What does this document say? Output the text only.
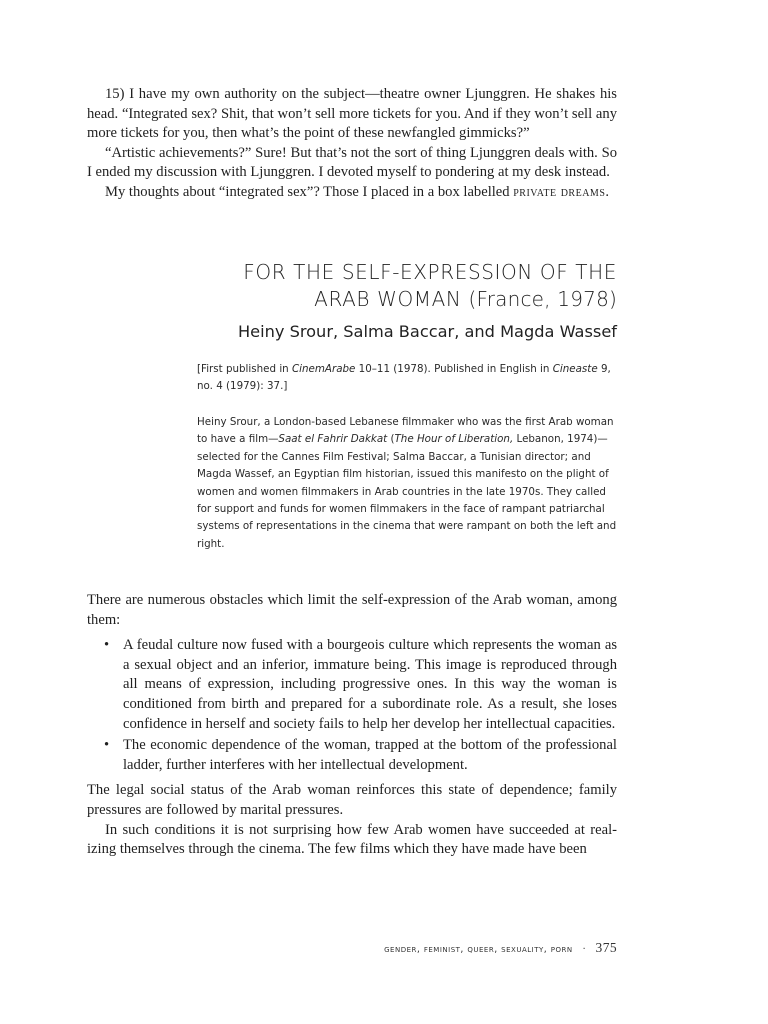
15) I have my own authority on the subject—theatre owner Ljunggren. He shakes his head. “Integrated sex? Shit, that won’t sell more tickets for you. And if they won’t sell any more tickets for you, then what’s the point of these newfangled gimmicks?”

“Artistic achievements?” Sure! But that’s not the sort of thing Ljunggren deals with. So I ended my discussion with Ljunggren. I devoted myself to pondering at my desk instead.

My thoughts about “integrated sex”? Those I placed in a box labelled private dreams.

FOR THE SELF-EXPRESSION OF THE
ARAB WOMAN (France, 1978)

Heiny Srour, Salma Baccar, and Magda Wassef

[First published in CinemArabe 10–11 (1978). Published in English in Cineaste 9, no. 4 (1979): 37.]

Heiny Srour, a London-based Lebanese filmmaker who was the first Arab woman to have a film—Saat el Fahrir Dakkat (The Hour of Liberation, Lebanon, 1974)—selected for the Cannes Film Festival; Salma Baccar, a Tunisian director; and Magda Wassef, an Egyptian film historian, issued this manifesto on the plight of women and women filmmakers in Arab countries in the late 1970s. They called for support and funds for women filmmakers in the face of rampant patriarchal systems of representations in the cinema that were rampant on both the left and right.

There are numerous obstacles which limit the self-expression of the Arab woman, among them:

• A feudal culture now fused with a bourgeois culture which represents the woman as a sexual object and an inferior, immature being. This image is reproduced through all means of expression, including progressive ones. In this way the woman is conditioned from birth and prepared for a subordinate role. As a result, she loses confidence in herself and society fails to help her develop her intellectual capacities.
• The economic dependence of the woman, trapped at the bottom of the professional ladder, further interferes with her intellectual development.

The legal social status of the Arab woman reinforces this state of dependence; family pressures are followed by marital pressures.

In such conditions it is not surprising how few Arab women have succeeded at realizing themselves through the cinema. The few films which they have made have been

gender, feminist, queer, sexuality, porn · 375
